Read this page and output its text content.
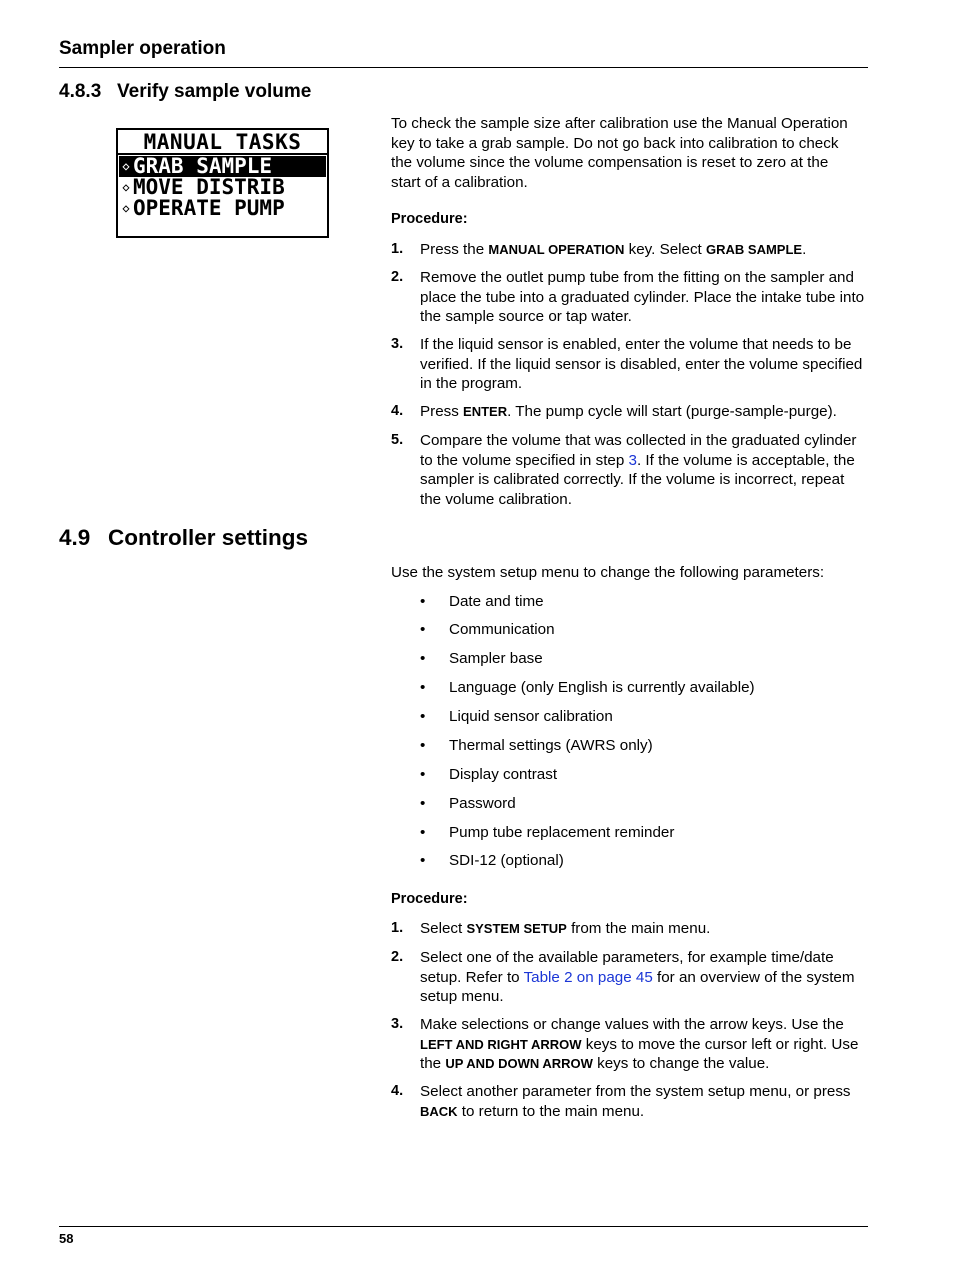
Sampler operation
4.8.3 Verify sample volume
MANUAL TASKS
◇ GRAB SAMPLE
◇ MOVE DISTRIB
◇ OPERATE PUMP
To check the sample size after calibration use the Manual Operation key to take a grab sample. Do not go back into calibration to check the volume since the volume compensation is reset to zero at the start of a calibration.
Procedure:
1. Press the MANUAL OPERATION key. Select GRAB SAMPLE.
2. Remove the outlet pump tube from the fitting on the sampler and place the tube into a graduated cylinder. Place the intake tube into the sample source or tap water.
3. If the liquid sensor is enabled, enter the volume that needs to be verified. If the liquid sensor is disabled, enter the volume specified in the program.
4. Press ENTER. The pump cycle will start (purge-sample-purge).
5. Compare the volume that was collected in the graduated cylinder to the volume specified in step 3. If the volume is acceptable, the sampler is calibrated correctly. If the volume is incorrect, repeat the volume calibration.
4.9 Controller settings
Use the system setup menu to change the following parameters:
• Date and time
• Communication
• Sampler base
• Language (only English is currently available)
• Liquid sensor calibration
• Thermal settings (AWRS only)
• Display contrast
• Password
• Pump tube replacement reminder
• SDI-12 (optional)
Procedure:
1. Select SYSTEM SETUP from the main menu.
2. Select one of the available parameters, for example time/date setup. Refer to Table 2 on page 45 for an overview of the system setup menu.
3. Make selections or change values with the arrow keys. Use the LEFT AND RIGHT ARROW keys to move the cursor left or right. Use the UP AND DOWN ARROW keys to change the value.
4. Select another parameter from the system setup menu, or press BACK to return to the main menu.
58
